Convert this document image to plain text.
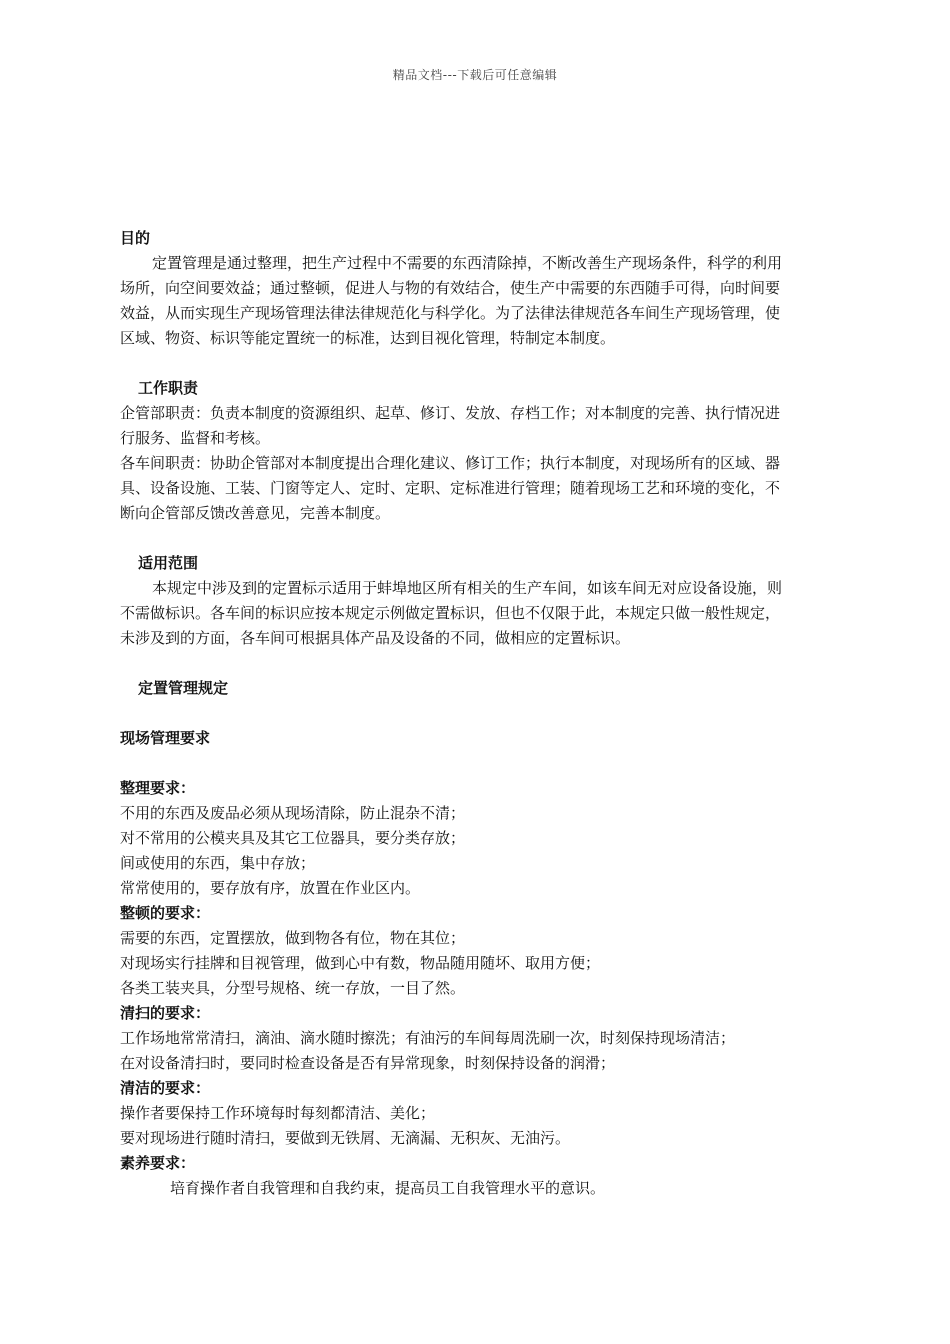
精品文档---下载后可任意编辑
目的
定置管理是通过整理，把生产过程中不需要的东西清除掉，不断改善生产现场条件，科学的利用
场所，向空间要效益；通过整顿，促进人与物的有效结合，使生产中需要的东西随手可得，向时间要
效益，从而实现生产现场管理法律法律规范化与科学化。为了法律法律规范各车间生产现场管理，使
区域、物资、标识等能定置统一的标准，达到目视化管理，特制定本制度。
工作职责
企管部职责：负责本制度的资源组织、起草、修订、发放、存档工作；对本制度的完善、执行情况进
行服务、监督和考核。
各车间职责：协助企管部对本制度提出合理化建议、修订工作；执行本制度，对现场所有的区域、器
具、设备设施、工装、门窗等定人、定时、定职、定标准进行管理；随着现场工艺和环境的变化，不
断向企管部反馈改善意见，完善本制度。
适用范围
本规定中涉及到的定置标示适用于蚌埠地区所有相关的生产车间，如该车间无对应设备设施，则
不需做标识。各车间的标识应按本规定示例做定置标识，但也不仅限于此，本规定只做一般性规定，
未涉及到的方面，各车间可根据具体产品及设备的不同，做相应的定置标识。
定置管理规定
现场管理要求
整理要求：
不用的东西及废品必须从现场清除，防止混杂不清；
对不常用的公模夹具及其它工位器具，要分类存放；
间或使用的东西，集中存放；
常常使用的，要存放有序，放置在作业区内。
整顿的要求：
需要的东西，定置摆放，做到物各有位，物在其位；
对现场实行挂牌和目视管理，做到心中有数，物品随用随坏、取用方便；
各类工装夹具，分型号规格、统一存放，一目了然。
清扫的要求：
工作场地常常清扫，滴油、滴水随时擦洗；有油污的车间每周洗刷一次，时刻保持现场清洁；
在对设备清扫时，要同时检查设备是否有异常现象，时刻保持设备的润滑；
清洁的要求：
操作者要保持工作环境每时每刻都清洁、美化；
要对现场进行随时清扫，要做到无铁屑、无滴漏、无积灰、无油污。
素养要求：
培育操作者自我管理和自我约束，提高员工自我管理水平的意识。
